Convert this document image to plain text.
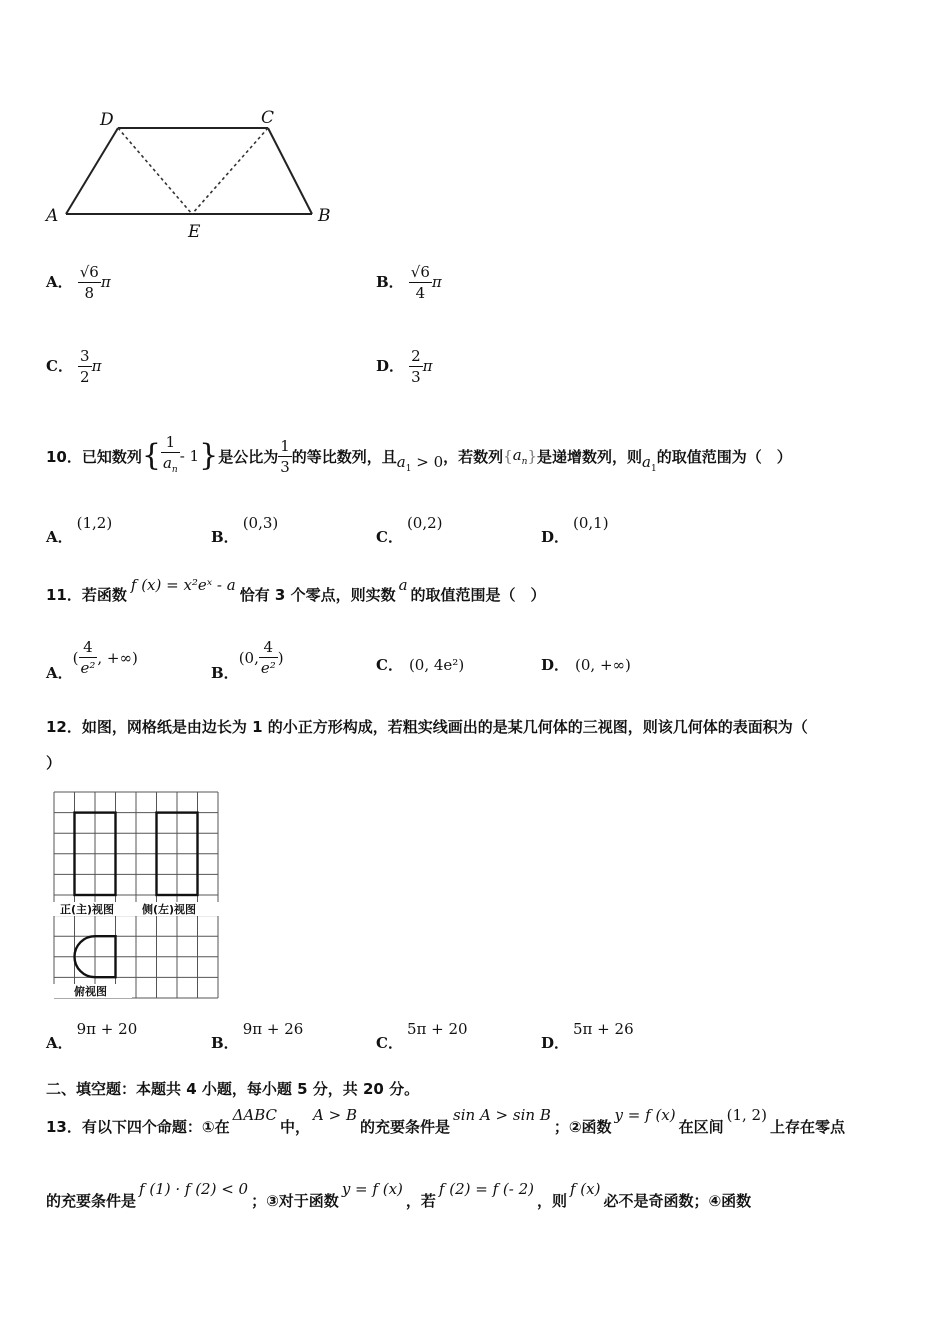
D	C
A	B
E
A． $\frac{√6}{8}$ π	B． $\frac{√6}{4}$ π
C． $\frac{3}{2}$ π	D． $\frac{2}{3}$ π
10．已知数列 { $\frac{1}{a_n} - 1$ } 是公比为 $\frac{1}{3}$ 的等比数列，且 $a_1 > 0$ ，若数列 { $a_n$ } 是递增数列，则 $a_1$
的取值范围为（　）
A．(1,2)
B．(0,3)
C．(0,2)
D．(0,1)
11．若函数f (x) = x²eˣ - a恰有 3 个零点，则实数a的取值范围是（　）
A．
( $\frac{4}{\text{e²}}$ , +∞)
B．
(0, $\frac{4}{\text{e²}}$ )	C． (0, 4e²)	D． (0, +∞)
12．如图，网格纸是由边长为 1 的小正方形构成，若粗实线画出的是某几何体的三视图，则该几何体的表面积为（
）
正(主)视图	侧(左)视图
俯视图
A．9π + 20
B．9π + 26
C．5π + 20
D．5π + 26
二、填空题：本题共 4 小题，每小题 5 分，共 20 分。
13．有以下四个命题：①在ΔABC中，A > B的充要条件是sin A > sin B；②函数y = f (x)在区间(1, 2)上存在零点
的充要条件是f (1) · f (2) < 0；③对于函数y = f (x)，若f (2) = f (- 2)，则f (x)必不是奇函数；④函数
